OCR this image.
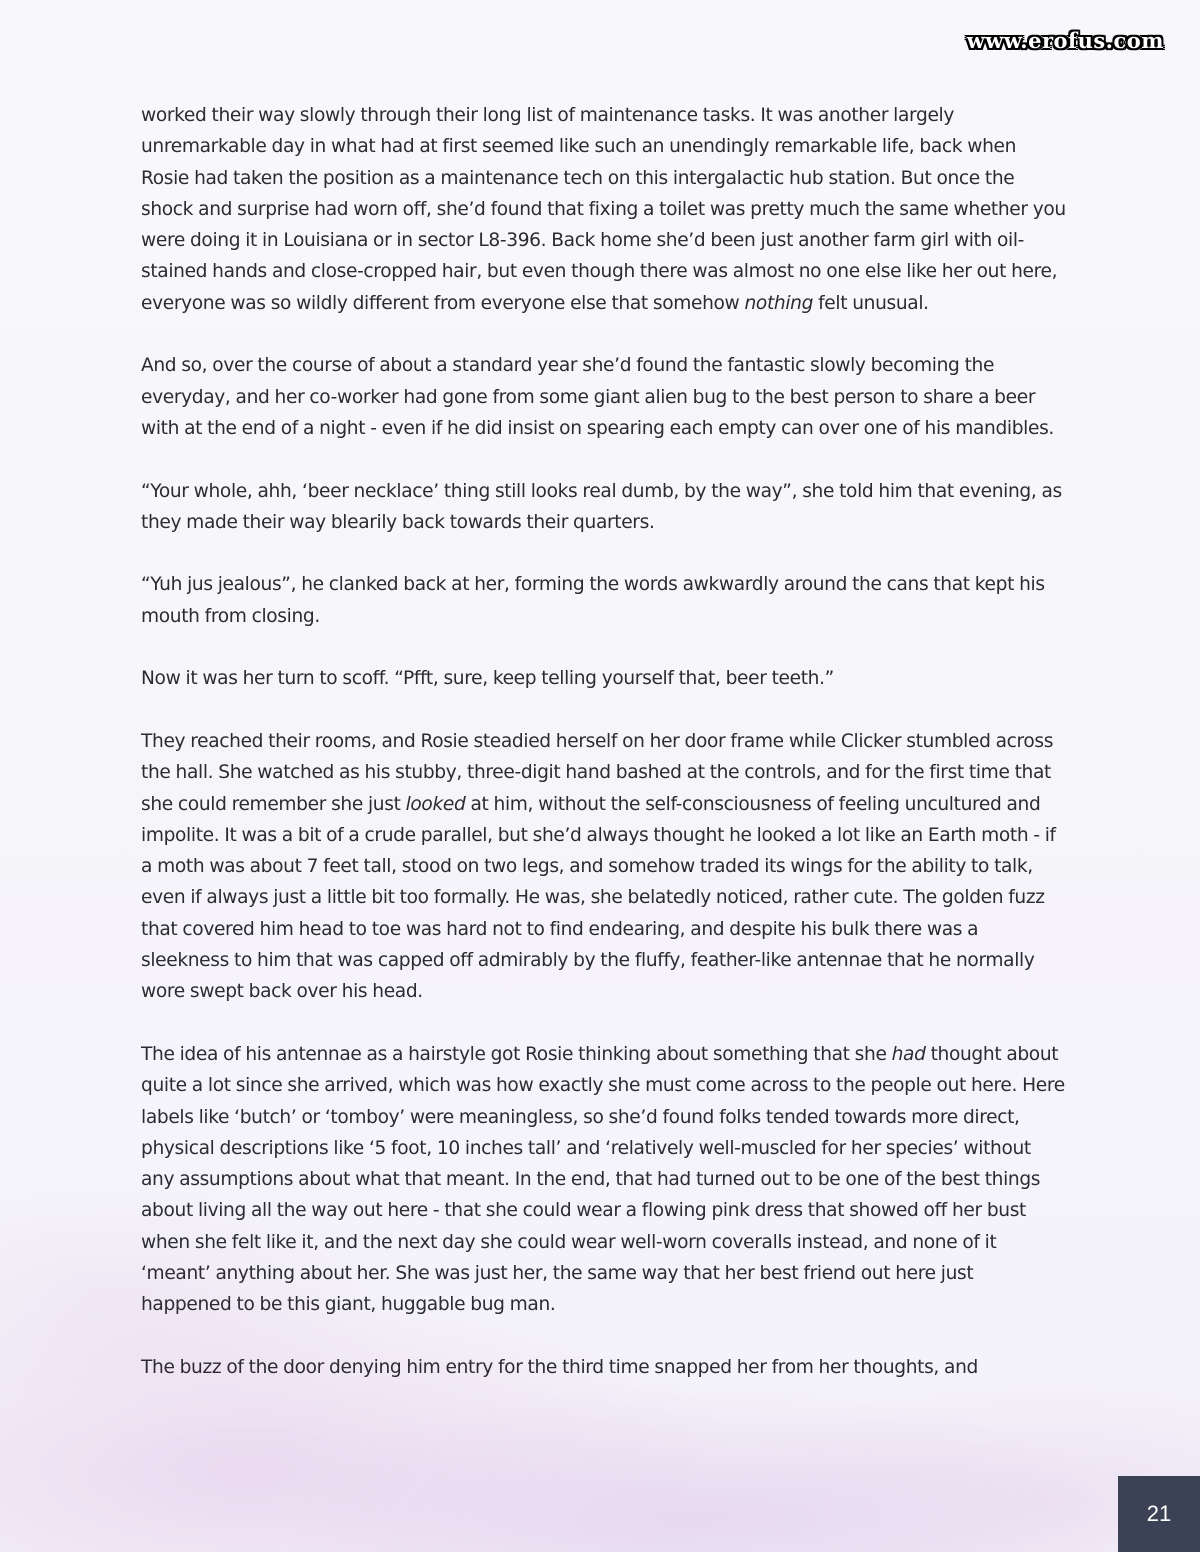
www.erofus.com

worked their way slowly through their long list of maintenance tasks. It was another largely unremarkable day in what had at first seemed like such an unendingly remarkable life, back when Rosie had taken the position as a maintenance tech on this intergalactic hub station. But once the shock and surprise had worn off, she’d found that fixing a toilet was pretty much the same whether you were doing it in Louisiana or in sector L8-396. Back home she’d been just another farm girl with oil-stained hands and close-cropped hair, but even though there was almost no one else like her out here, everyone was so wildly different from everyone else that somehow nothing felt unusual.

And so, over the course of about a standard year she’d found the fantastic slowly becoming the everyday, and her co-worker had gone from some giant alien bug to the best person to share a beer with at the end of a night - even if he did insist on spearing each empty can over one of his mandibles.

“Your whole, ahh, ‘beer necklace’ thing still looks real dumb, by the way”, she told him that evening, as they made their way blearily back towards their quarters.

“Yuh jus jealous”, he clanked back at her, forming the words awkwardly around the cans that kept his mouth from closing.

Now it was her turn to scoff. “Pfft, sure, keep telling yourself that, beer teeth.”

They reached their rooms, and Rosie steadied herself on her door frame while Clicker stumbled across the hall. She watched as his stubby, three-digit hand bashed at the controls, and for the first time that she could remember she just looked at him, without the self-consciousness of feeling uncultured and impolite. It was a bit of a crude parallel, but she’d always thought he looked a lot like an Earth moth - if a moth was about 7 feet tall, stood on two legs, and somehow traded its wings for the ability to talk, even if always just a little bit too formally. He was, she belatedly noticed, rather cute. The golden fuzz that covered him head to toe was hard not to find endearing, and despite his bulk there was a sleekness to him that was capped off admirably by the fluffy, feather-like antennae that he normally wore swept back over his head.

The idea of his antennae as a hairstyle got Rosie thinking about something that she had thought about quite a lot since she arrived, which was how exactly she must come across to the people out here. Here labels like ‘butch’ or ‘tomboy’ were meaningless, so she’d found folks tended towards more direct, physical descriptions like ‘5 foot, 10 inches tall’ and ‘relatively well-muscled for her species’ without any assumptions about what that meant. In the end, that had turned out to be one of the best things about living all the way out here - that she could wear a flowing pink dress that showed off her bust when she felt like it, and the next day she could wear well-worn coveralls instead, and none of it ‘meant’ anything about her. She was just her, the same way that her best friend out here just happened to be this giant, huggable bug man.

The buzz of the door denying him entry for the third time snapped her from her thoughts, and

21
